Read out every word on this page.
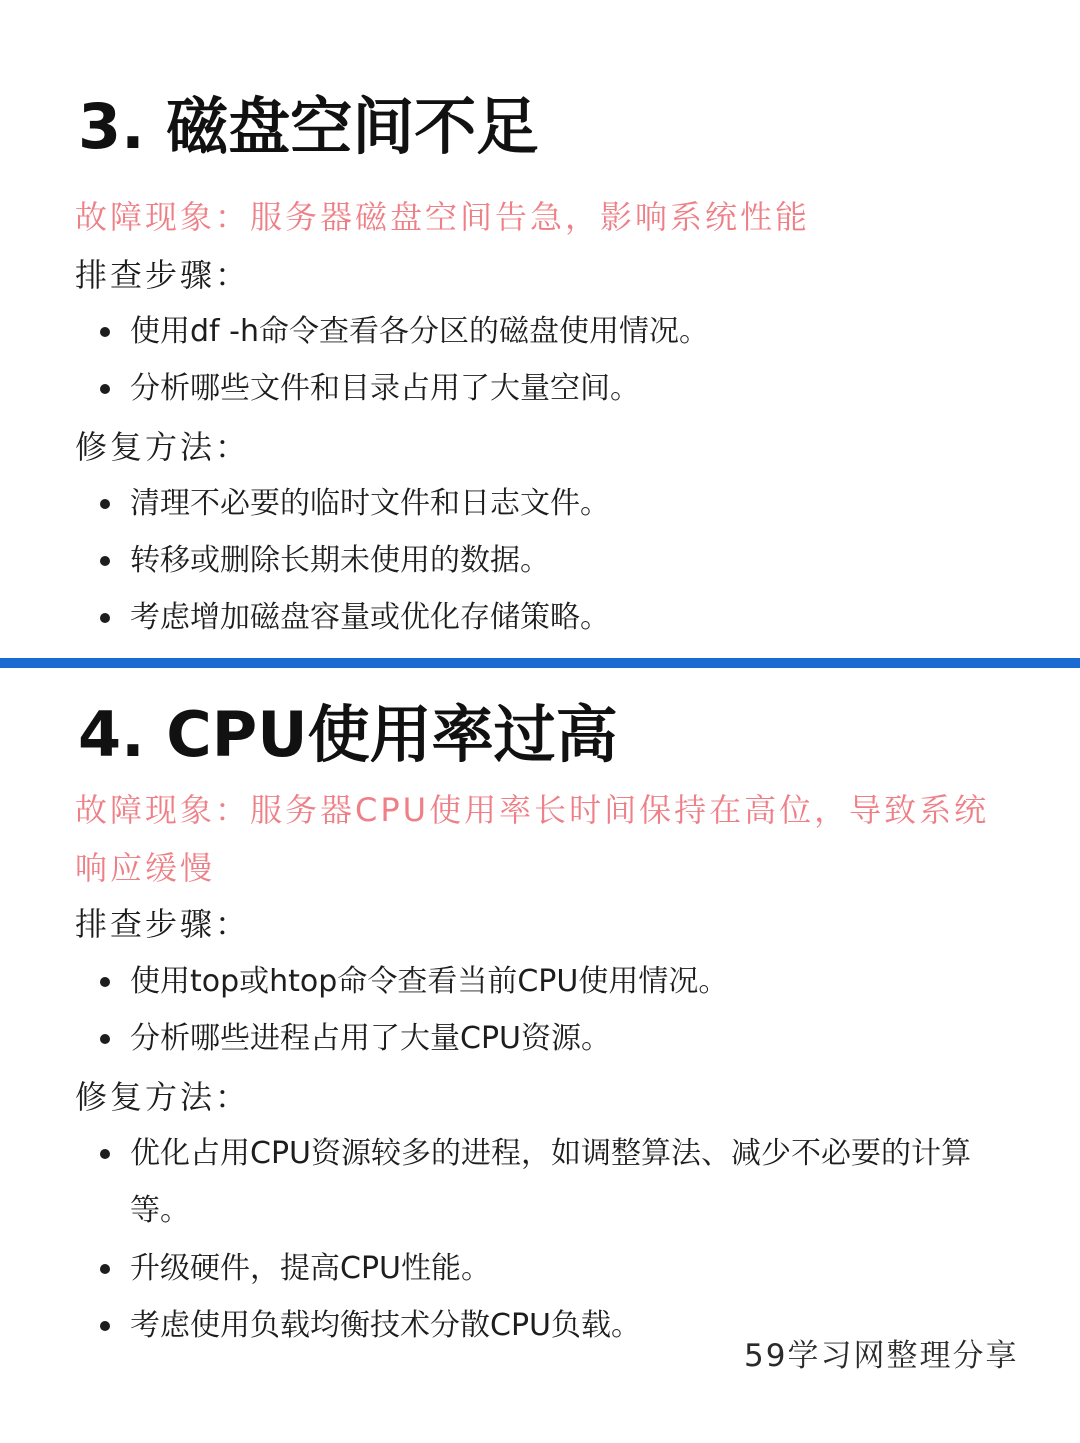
3. 磁盘空间不足
故障现象：服务器磁盘空间告急，影响系统性能
排查步骤：
使用df -h命令查看各分区的磁盘使用情况。
分析哪些文件和目录占用了大量空间。
修复方法：
清理不必要的临时文件和日志文件。
转移或删除长期未使用的数据。
考虑增加磁盘容量或优化存储策略。
4. CPU使用率过高
故障现象：服务器CPU使用率长时间保持在高位，导致系统响应缓慢
排查步骤：
使用top或htop命令查看当前CPU使用情况。
分析哪些进程占用了大量CPU资源。
修复方法：
优化占用CPU资源较多的进程，如调整算法、减少不必要的计算等。
升级硬件，提高CPU性能。
考虑使用负载均衡技术分散CPU负载。
59学习网整理分享
